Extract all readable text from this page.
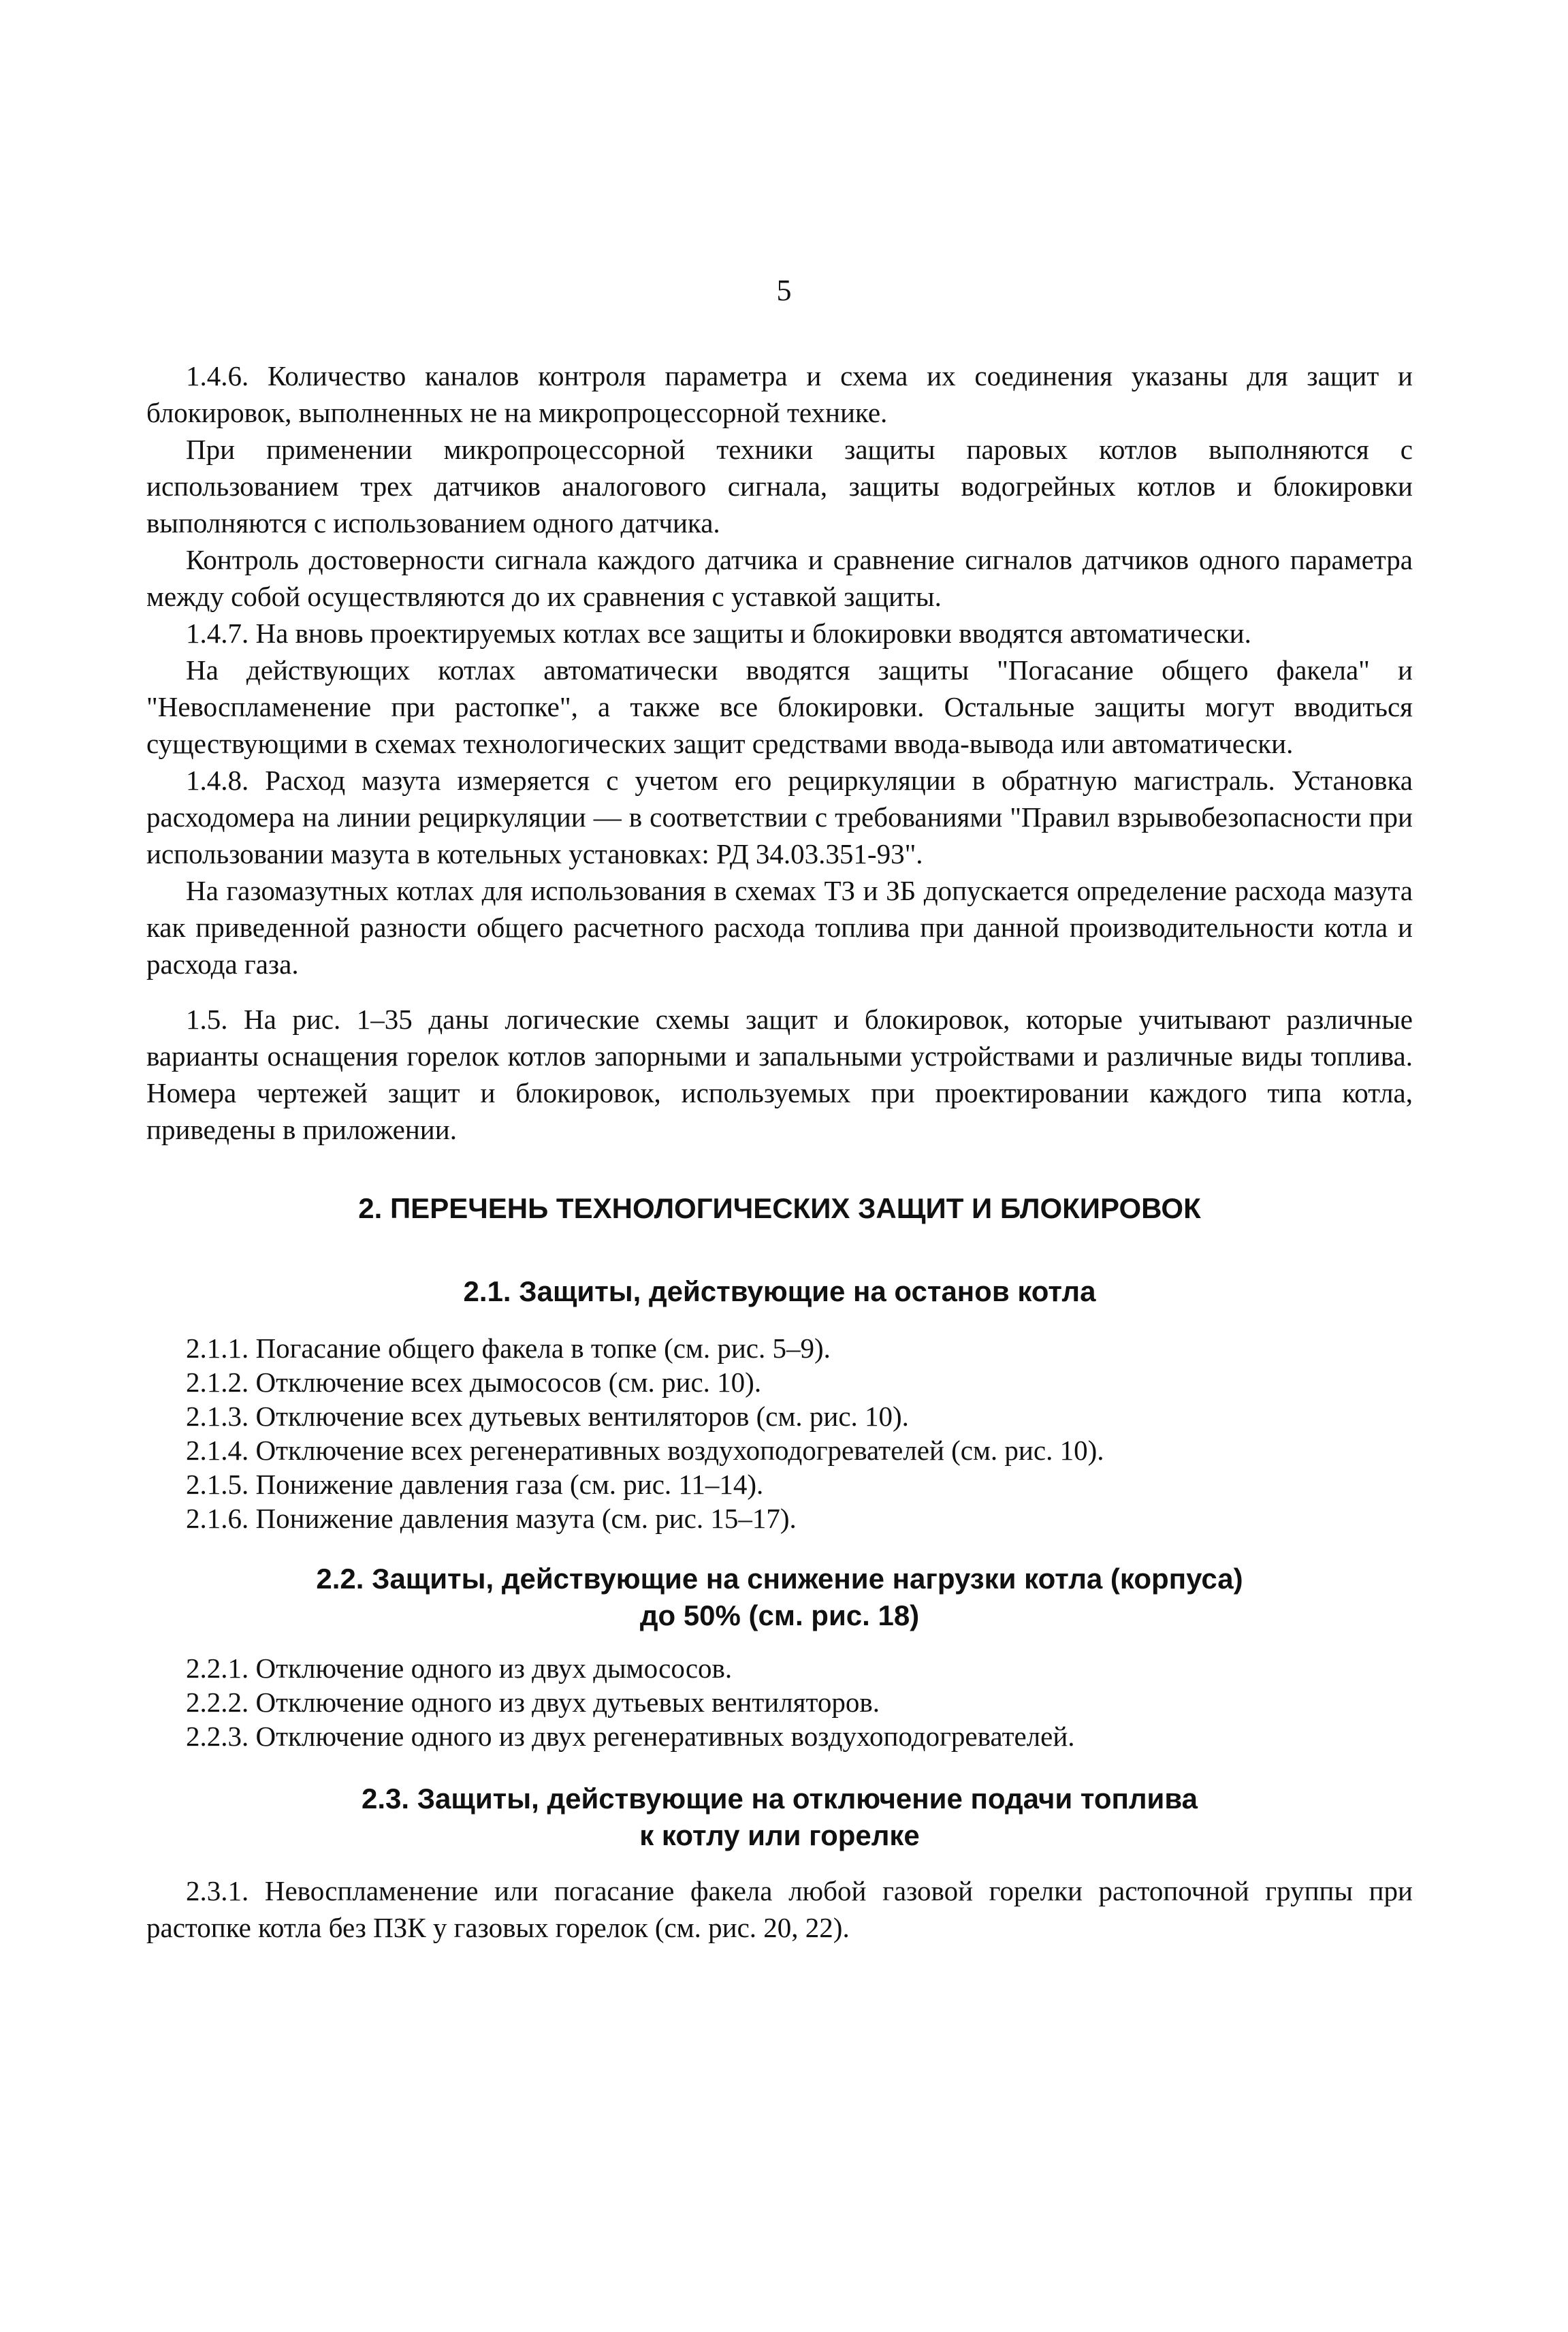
5

1.4.6. Количество каналов контроля параметра и схема их соединения указаны для защит и блокировок, выполненных не на микропроцессорной технике.

При применении микропроцессорной техники защиты паровых котлов выполняются с использованием трех датчиков аналогового сигнала, защиты водогрейных котлов и блокировки выполняются с использованием одного датчика.

Контроль достоверности сигнала каждого датчика и сравнение сигналов датчиков одного параметра между собой осуществляются до их сравнения с уставкой защиты.

1.4.7. На вновь проектируемых котлах все защиты и блокировки вводятся автоматически.

На действующих котлах автоматически вводятся защиты "Погасание общего факела" и "Невоспламенение при растопке", а также все блокировки. Остальные защиты могут вводиться существующими в схемах технологических защит средствами ввода-вывода или автоматически.

1.4.8. Расход мазута измеряется с учетом его рециркуляции в обратную магистраль. Установка расходомера на линии рециркуляции — в соответствии с требованиями "Правил взрывобезопасности при использовании мазута в котельных установках: РД 34.03.351-93".

На газомазутных котлах для использования в схемах ТЗ и ЗБ допускается определение расхода мазута как приведенной разности общего расчетного расхода топлива при данной производительности котла и расхода газа.

1.5. На рис. 1–35 даны логические схемы защит и блокировок, которые учитывают различные варианты оснащения горелок котлов запорными и запальными устройствами и различные виды топлива. Номера чертежей защит и блокировок, используемых при проектировании каждого типа котла, приведены в приложении.

2. ПЕРЕЧЕНЬ ТЕХНОЛОГИЧЕСКИХ ЗАЩИТ И БЛОКИРОВОК
2.1. Защиты, действующие на останов котла
2.1.1. Погасание общего факела в топке (см. рис. 5–9).
2.1.2. Отключение всех дымососов (см. рис. 10).
2.1.3. Отключение всех дутьевых вентиляторов (см. рис. 10).
2.1.4. Отключение всех регенеративных воздухоподогревателей (см. рис. 10).
2.1.5. Понижение давления газа (см. рис. 11–14).
2.1.6. Понижение давления мазута (см. рис. 15–17).
2.2. Защиты, действующие на снижение нагрузки котла (корпуса)
до 50% (см. рис. 18)
2.2.1. Отключение одного из двух дымососов.
2.2.2. Отключение одного из двух дутьевых вентиляторов.
2.2.3. Отключение одного из двух регенеративных воздухоподогревателей.
2.3. Защиты, действующие на отключение подачи топлива
к котлу или горелке

2.3.1. Невоспламенение или погасание факела любой газовой горелки растопочной группы при растопке котла без ПЗК у газовых горелок (см. рис. 20, 22).
